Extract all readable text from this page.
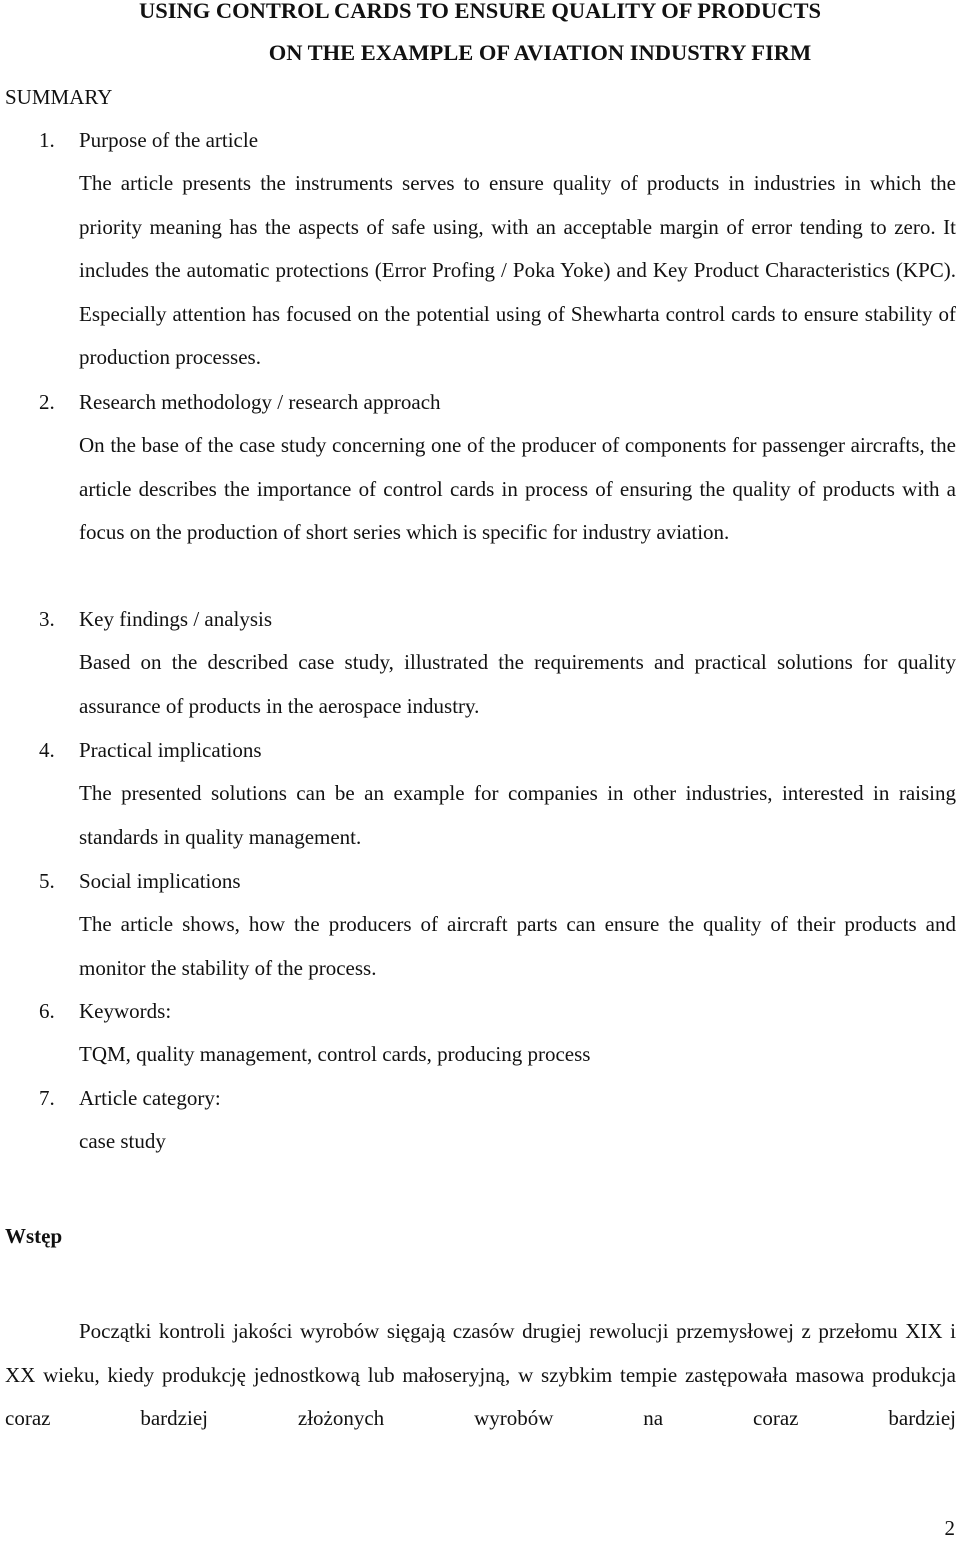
USING CONTROL CARDS TO ENSURE QUALITY OF PRODUCTS
ON THE EXAMPLE OF AVIATION INDUSTRY FIRM
SUMMARY
1. Purpose of the article
The article presents the instruments serves to ensure quality of products in industries in which the priority meaning has the aspects of safe using, with an acceptable margin of error tending to zero. It includes the automatic protections (Error Profing / Poka Yoke) and Key Product Characteristics (KPC). Especially attention has focused on the potential using of Shewharta control cards to ensure stability of production processes.
2. Research methodology / research approach
On the base of the case study concerning one of the producer of components for passenger aircrafts, the article describes the importance of control cards in process of ensuring the quality of products with a focus on the production of short series which is specific for industry aviation.
3. Key findings / analysis
Based on the described case study, illustrated the requirements and practical solutions for quality assurance of products in the aerospace industry.
4. Practical implications
The presented solutions can be an example for companies in other industries, interested in raising standards in quality management.
5. Social implications
The article shows, how the producers of aircraft parts can ensure the quality of their products and monitor the stability of the process.
6. Keywords:
TQM, quality management, control cards, producing process
7. Article category:
case study
Wstęp
Początki kontroli jakości wyrobów sięgają czasów drugiej rewolucji przemysłowej z przełomu XIX i XX wieku, kiedy produkcję jednostkową lub małoseryjną, w szybkim tempie zastępowała masowa produkcja coraz bardziej złożonych wyrobów na coraz bardziej
2
